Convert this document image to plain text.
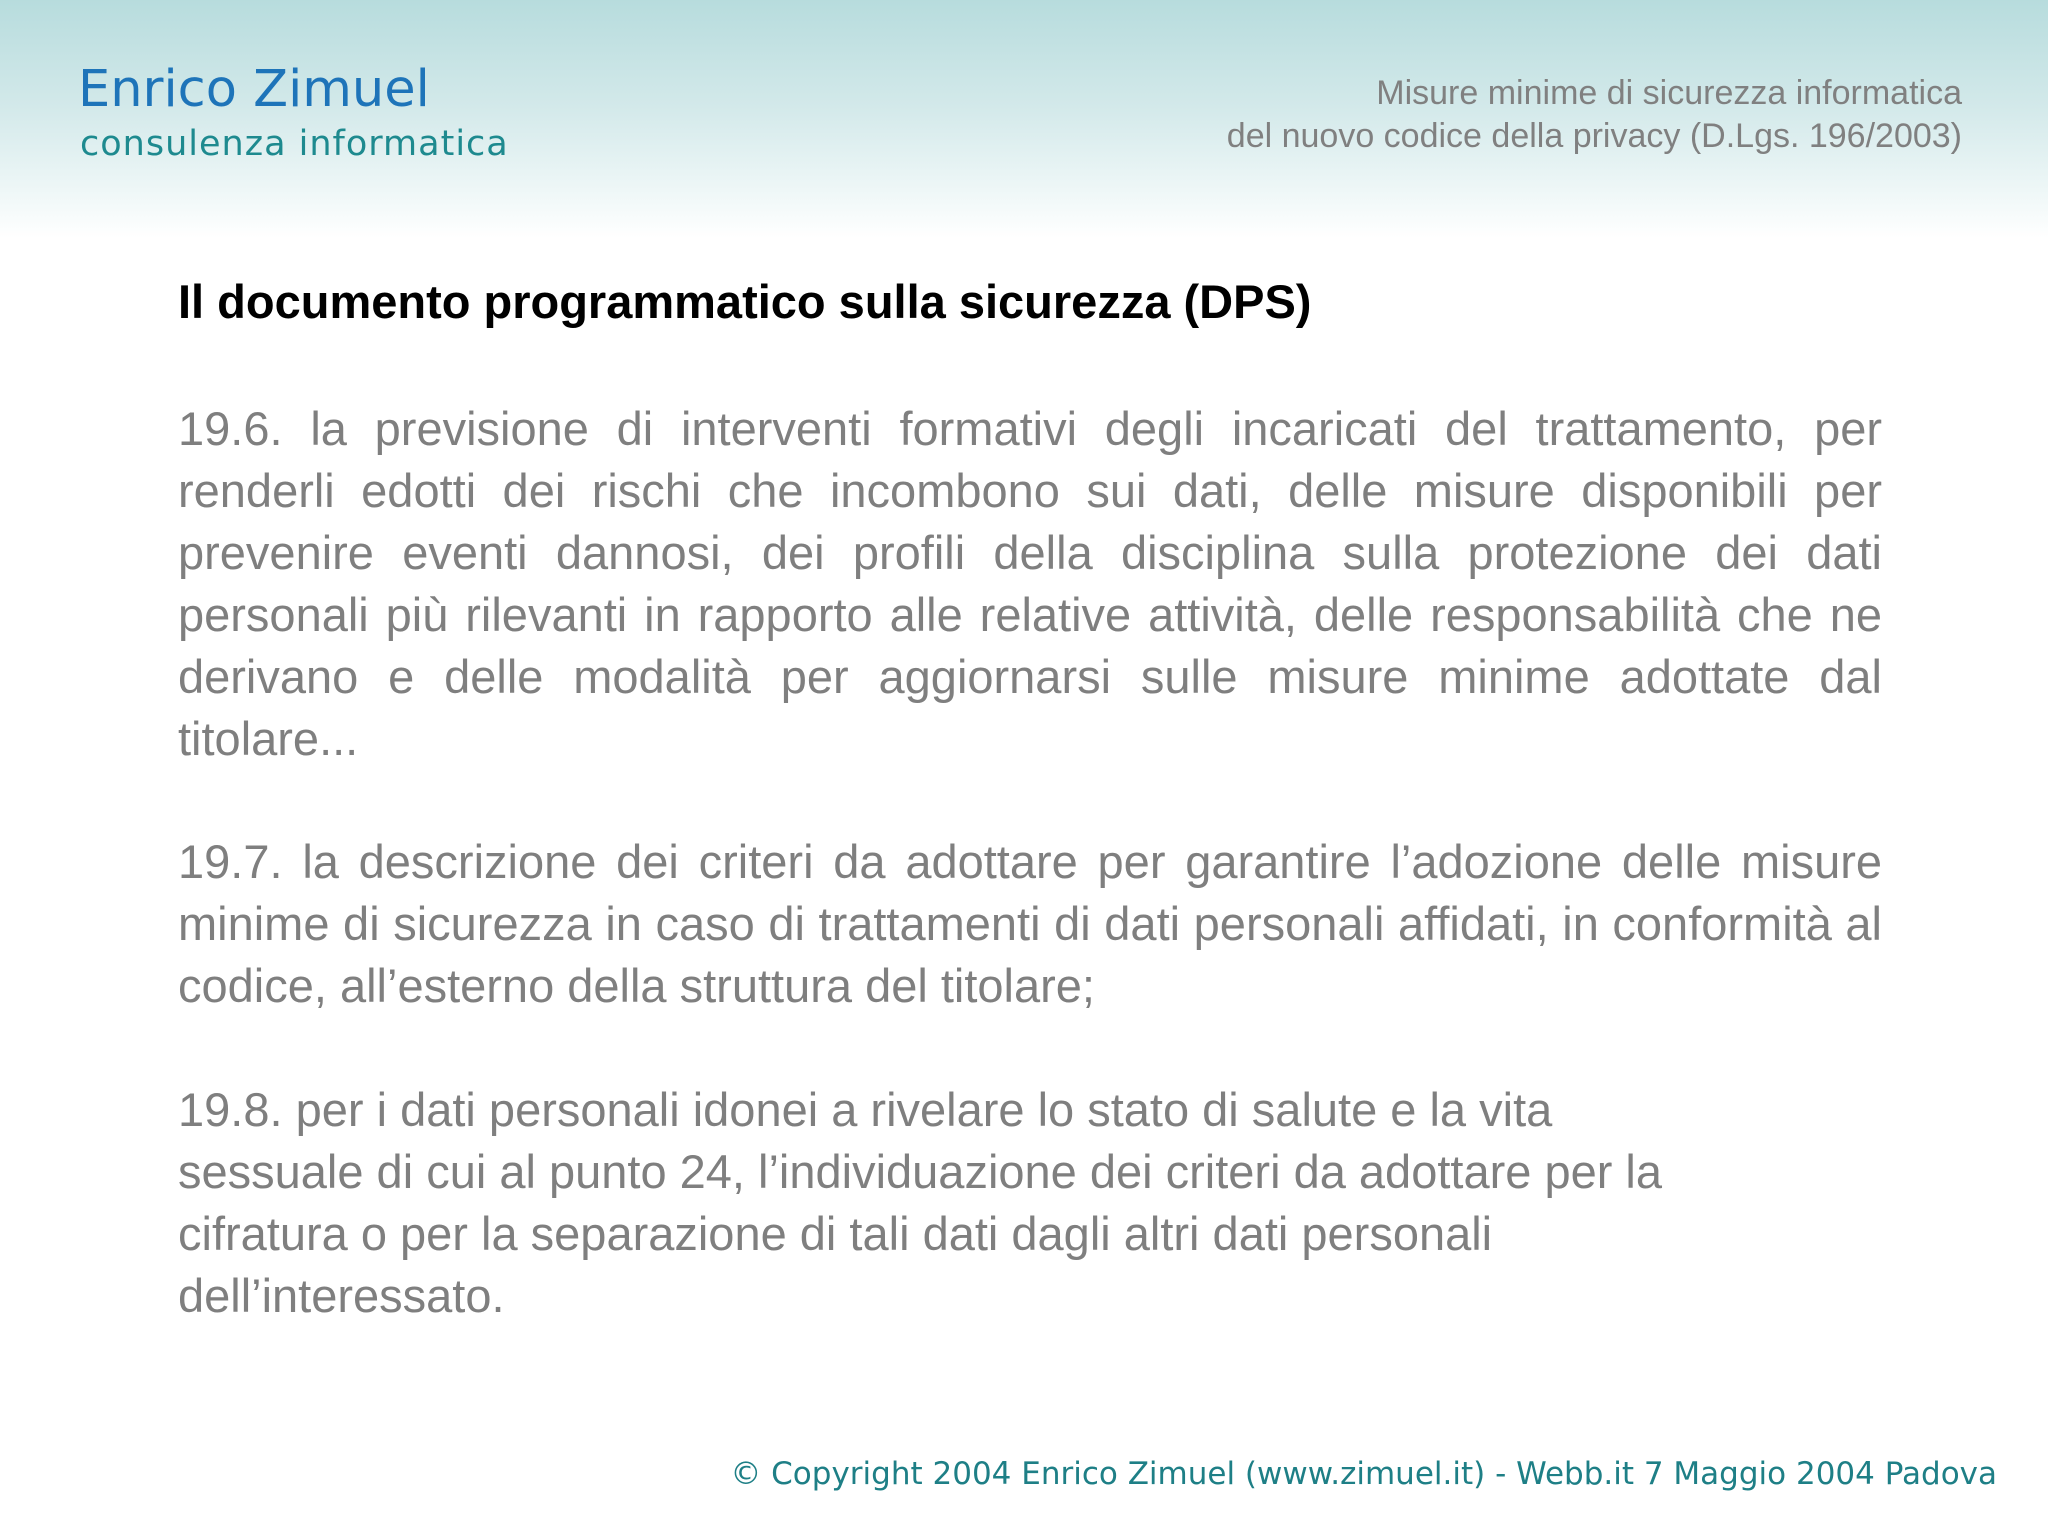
Enrico Zimuel
consulenza informatica
Misure minime di sicurezza informatica
del nuovo codice della privacy (D.Lgs. 196/2003)
Il documento programmatico sulla sicurezza (DPS)
19.6. la previsione di interventi formativi degli incaricati del trattamento, per renderli edotti dei rischi che incombono sui dati, delle misure disponibili per prevenire eventi dannosi, dei profili della disciplina sulla protezione dei dati personali più rilevanti in rapporto alle relative attività, delle responsabilità che ne derivano e delle modalità per aggiornarsi sulle misure minime adottate dal titolare...
19.7. la descrizione dei criteri da adottare per garantire l’adozione delle misure minime di sicurezza in caso di trattamenti di dati personali affidati, in conformità al codice, all’esterno della struttura del titolare;
19.8. per i dati personali idonei a rivelare lo stato di salute e la vita
sessuale di cui al punto 24, l’individuazione dei criteri da adottare per la
cifratura o per la separazione di tali dati dagli altri dati personali
dell’interessato.
© Copyright 2004 Enrico Zimuel (www.zimuel.it) - Webb.it 7 Maggio 2004 Padova
